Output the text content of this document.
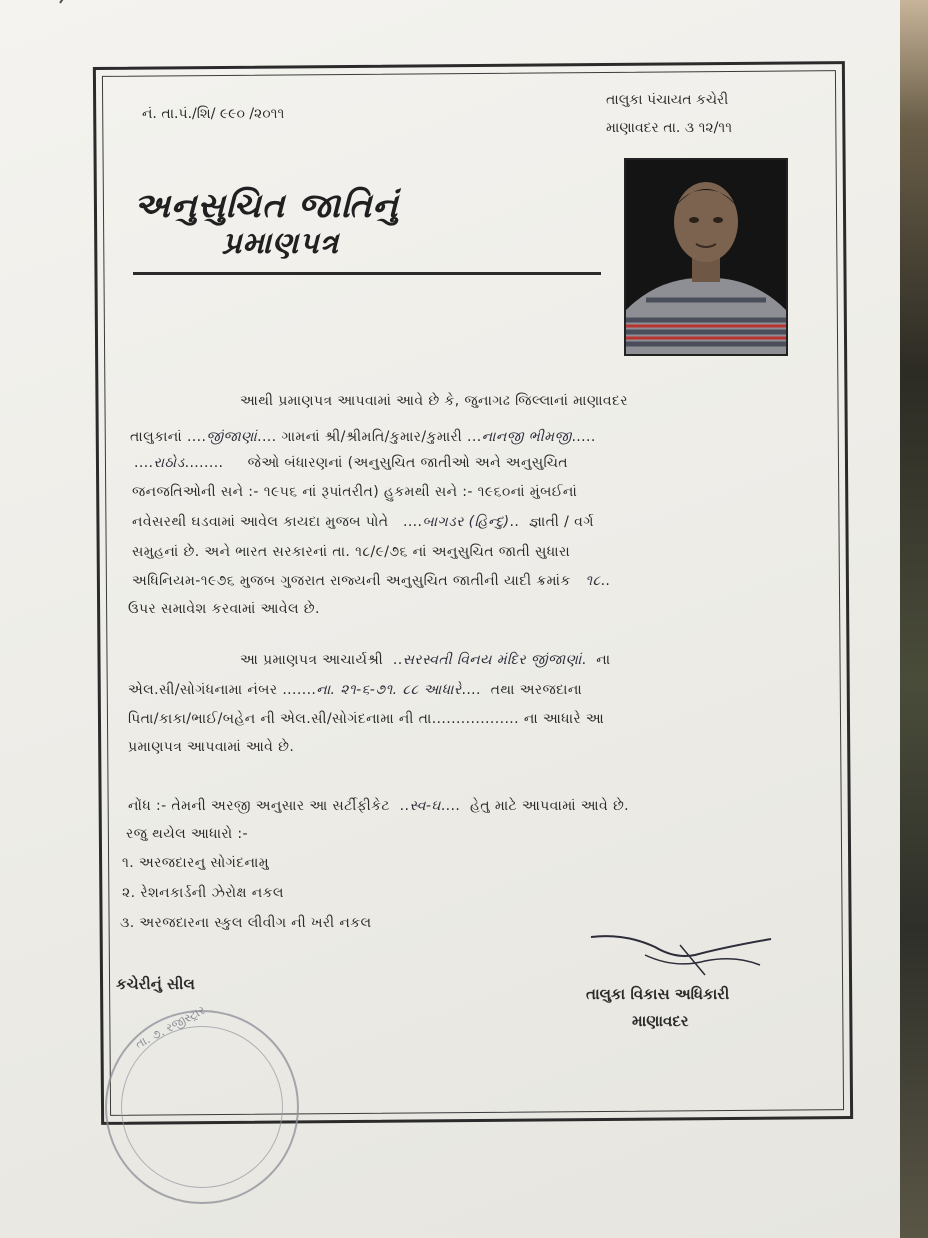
નં. તા.પં./શિ/ ૯૯૦ /૨૦૧૧
તાલુકા પંચાયત કચેરી
માણાવદર તા. ૩ ૧૨/૧૧
અનુસુચિત જાતિનું
પ્રમાણપત્ર
આથી પ્રમાણપત્ર આપવામાં આવે છે કે, જુનાગઢ જિલ્લાનાં માણાવદર
તાલુકાનાં ....જીંજાણાં.... ગામનાં શ્રી/શ્રીમતિ/કુમાર/કુમારી ...નાનજી ભીમજી.....
....રાઠોડ........     જેઓ બંધારણનાં (અનુસુચિત જાતીઓ અને અનુસુચિત
જનજતિઓની સને :- ૧૯૫૬ નાં રૂપાંતરીત) હુકમથી સને :- ૧૯૬૦નાં મુંબઈનાં
નવેસરથી ઘડવામાં આવેલ કાયદા મુજબ પોતે   ....બાગડર (હિન્દુ)..  જ્ઞાતી / વર્ગ
સમુહનાં છે. અને ભારત સરકારનાં તા. ૧૮/૯/૭૬ નાં અનુસુચિત જાતી સુધારા
અધિનિયમ-૧૯૭૬ મુજબ ગુજરાત રાજ્યની અનુસુચિત જાતીની યાદી ક્રમાંક ૧૮..
ઉપર સમાવેશ કરવામાં આવેલ છે.
આ પ્રમાણપત્ર આચાર્યશ્રી  ..સરસ્વતી વિનય મંદિર જીંજાણાં.  ના
એલ.સી/સોગંધનામા નંબર .......ના. ૨૧-૬-૭૧. ૮૮ આધારે....  તથા અરજદાના
પિતા/કાકા/ભાઈ/બહેન ની એલ.સી/સોગંદનામા ની તા.................. ના આધારે આ
પ્રમાણપત્ર આપવામાં આવે છે.
નોંધ :- તેમની અરજી અનુસાર આ સર્ટીફીકેટ  ..સ્વ-ઘ....  હેતુ માટે આપવામાં આવે છે.
રજુ થયેલ આધારો :-
૧. અરજદારનુ સોગંદનામુ
૨. રેશનકાર્ડની ઝેરોક્ષ નકલ
૩. અરજદારના સ્કુલ લીવીગ ની ખરી નકલ
કચેરીનું સીલ
તાલુકા વિકાસ અધિકારી
માણાવદર
તા. ૭. રજીસ્ટ્રાર
